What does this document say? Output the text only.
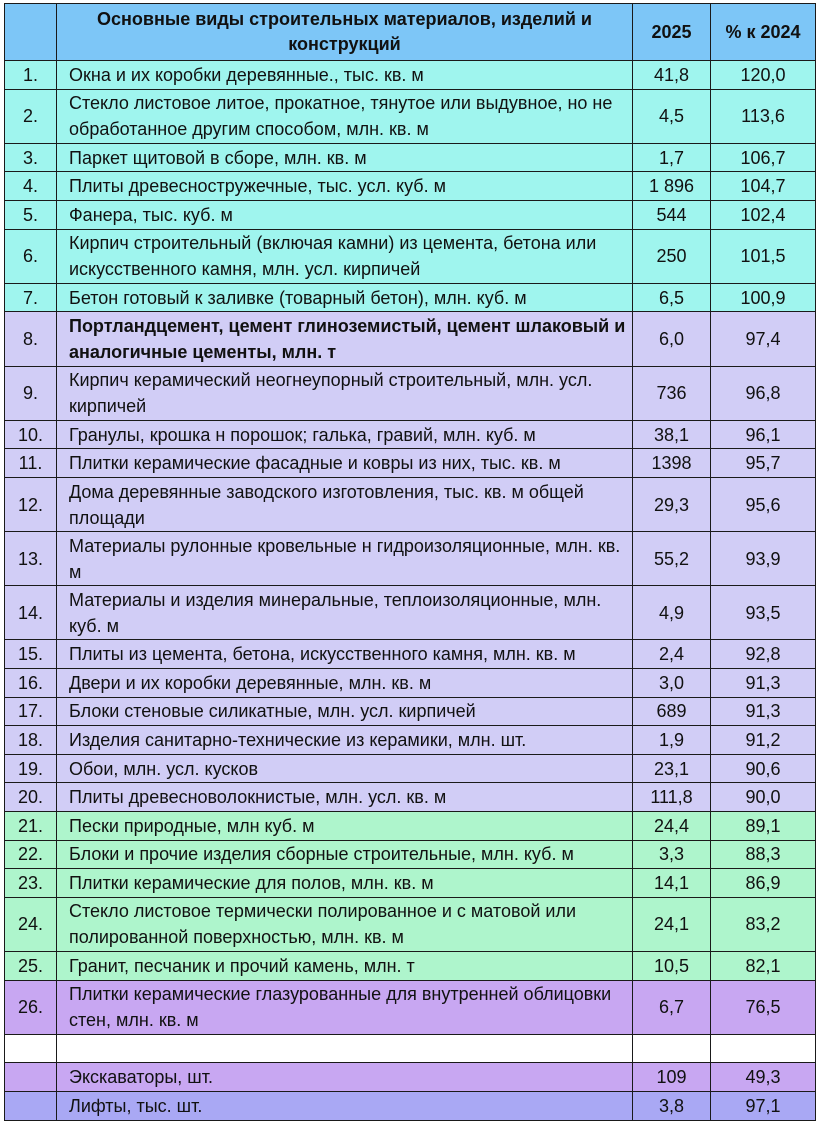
	Основные виды строительных материалов, изделий и конструкций	2025	% к 2024
1.	Окна и их коробки деревянные., тыс. кв. м	41,8	120,0
2.	Стекло листовое литое, прокатное, тянутое или выдувное, но не обработанное другим способом, млн. кв. м	4,5	113,6
3.	Паркет щитовой в сборе, млн. кв. м	1,7	106,7
4.	Плиты древесностружечные, тыс. усл. куб. м	1 896	104,7
5.	Фанера, тыс. куб. м	544	102,4
6.	Кирпич строительный (включая камни) из цемента, бетона или искусственного камня, млн. усл. кирпичей	250	101,5
7.	Бетон готовый к заливке (товарный бетон), млн. куб. м	6,5	100,9
8.	Портландцемент, цемент глиноземистый, цемент шлаковый и аналогичные цементы, млн. т	6,0	97,4
9.	Кирпич керамический неогнеупорный строительный, млн. усл. кирпичей	736	96,8
10.	Гранулы, крошка н порошок; галька, гравий, млн. куб. м	38,1	96,1
11.	Плитки керамические фасадные и ковры из них, тыс. кв. м	1398	95,7
12.	Дома деревянные заводского изготовления, тыс. кв. м общей площади	29,3	95,6
13.	Материалы рулонные кровельные н гидроизоляционные, млн. кв. м	55,2	93,9
14.	Материалы и изделия минеральные, теплоизоляционные, млн. куб. м	4,9	93,5
15.	Плиты из цемента, бетона, искусственного камня, млн. кв. м	2,4	92,8
16.	Двери и их коробки деревянные, млн. кв. м	3,0	91,3
17.	Блоки стеновые силикатные, млн. усл. кирпичей	689	91,3
18.	Изделия санитарно-технические из керамики, млн. шт.	1,9	91,2
19.	Обои, млн. усл. кусков	23,1	90,6
20.	Плиты древесноволокнистые, млн. усл. кв. м	111,8	90,0
21.	Пески природные, млн куб. м	24,4	89,1
22.	Блоки и прочие изделия сборные строительные, млн. куб. м	3,3	88,3
23.	Плитки керамические для полов, млн. кв. м	14,1	86,9
24.	Стекло листовое термически полированное и с матовой или полированной поверхностью, млн. кв. м	24,1	83,2
25.	Гранит, песчаник и прочий камень, млн. т	10,5	82,1
26.	Плитки керамические глазурованные для внутренней облицовки стен, млн. кв. м	6,7	76,5

	Экскаваторы, шт.	109	49,3
	Лифты, тыс. шт.	3,8	97,1
